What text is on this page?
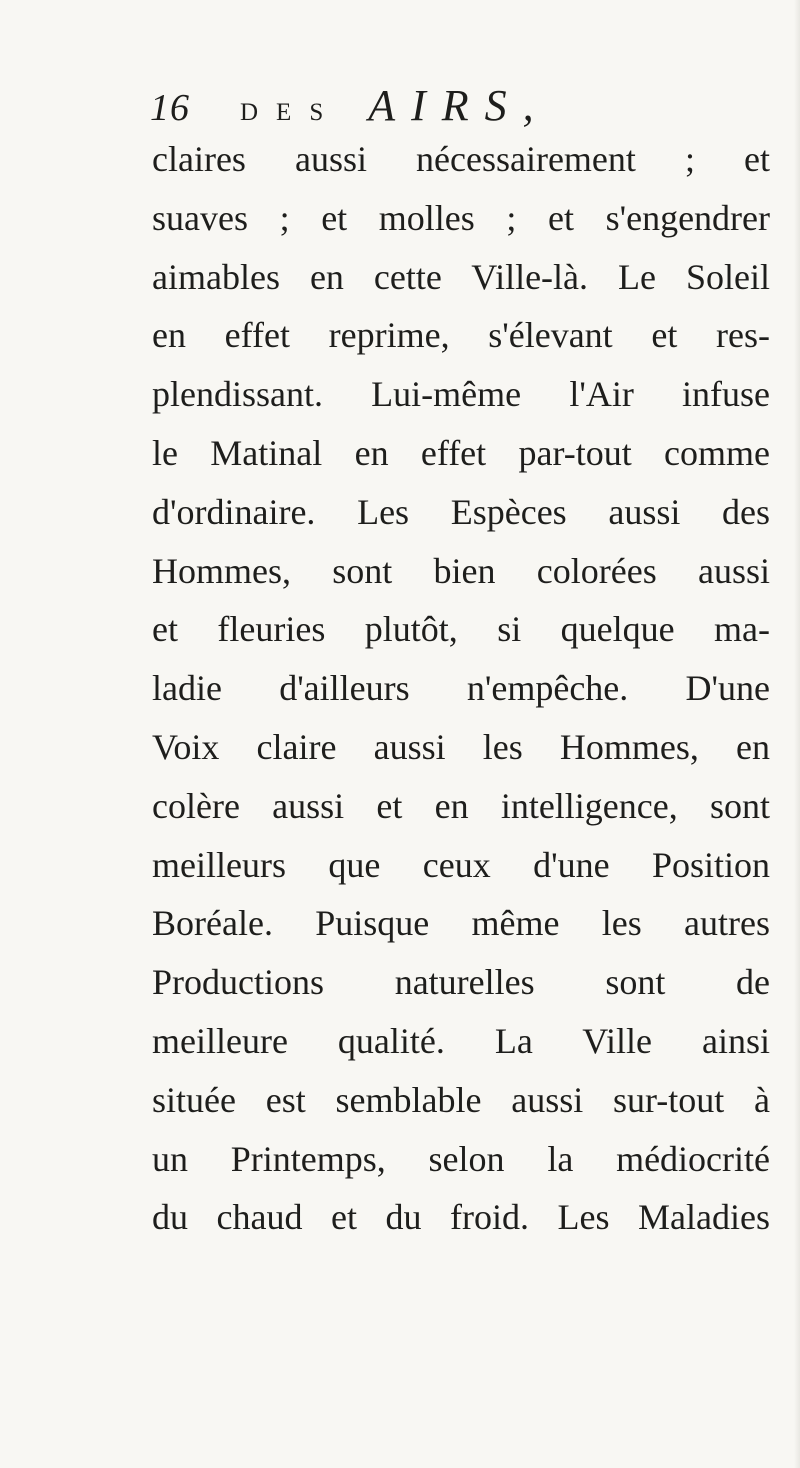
16 DES AIRS,
claires aussi nécessairement ; et
suaves ; et molles ; et s'engendrer
aimables en cette Ville-là. Le Soleil
en effet reprime, s'élevant et res-
plendissant. Lui-même l'Air infuse
le Matinal en effet par-tout comme
d'ordinaire. Les Espèces aussi des
Hommes, sont bien colorées aussi
et fleuries plutôt, si quelque ma-
ladie d'ailleurs n'empêche. D'une
Voix claire aussi les Hommes, en
colère aussi et en intelligence, sont
meilleurs que ceux d'une Position
Boréale. Puisque même les autres
Productions naturelles sont de
meilleure qualité. La Ville ainsi
située est semblable aussi sur-tout à
un Printemps, selon la médiocrité
du chaud et du froid. Les Maladies
